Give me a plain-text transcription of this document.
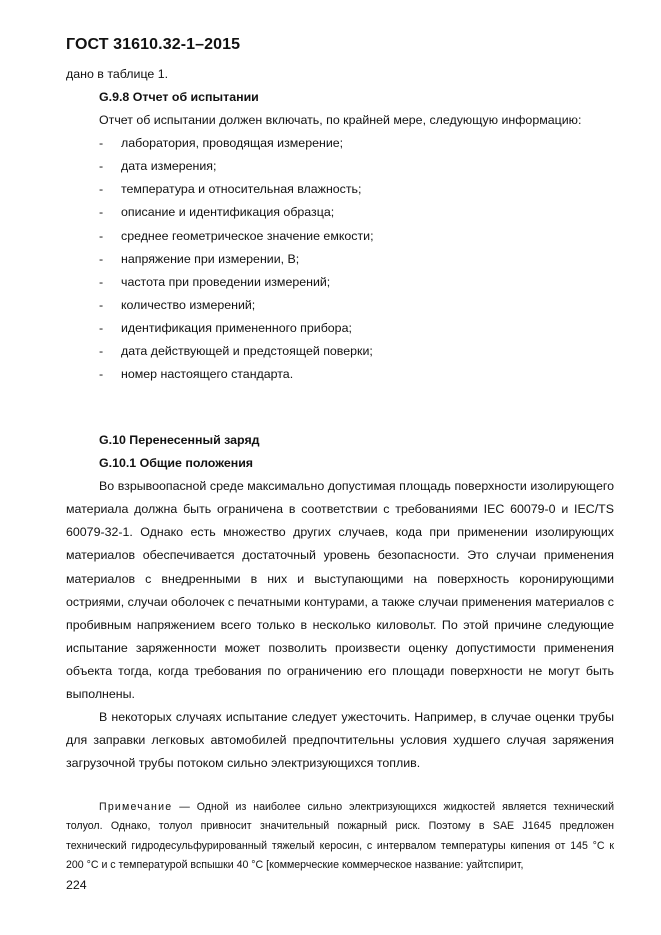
ГОСТ 31610.32-1–2015
дано в таблице 1.
G.9.8 Отчет об испытании
Отчет об испытании должен включать, по крайней мере, следующую информацию:
- лаборатория, проводящая измерение;
- дата измерения;
- температура и относительная влажность;
- описание и идентификация образца;
- среднее геометрическое значение емкости;
- напряжение при измерении, В;
- частота при проведении измерений;
- количество измерений;
- идентификация примененного прибора;
- дата действующей и предстоящей поверки;
- номер настоящего стандарта.
G.10 Перенесенный заряд
G.10.1 Общие положения
Во взрывоопасной среде максимально допустимая площадь поверхности изолирующего материала должна быть ограничена в соответствии с требованиями IEC 60079-0 и IEC/TS 60079-32-1. Однако есть множество других случаев, кода при применении изолирующих материалов обеспечивается достаточный уровень безопасности. Это случаи применения материалов с внедренными в них и выступающими на поверхность коронирующими остриями, случаи оболочек с печатными контурами, а также случаи применения материалов с пробивным напряжением всего только в несколько киловольт. По этой причине следующие испытание заряженности может позволить произвести оценку допустимости применения объекта тогда, когда требования по ограничению его площади поверхности не могут быть выполнены.
В некоторых случаях испытание следует ужесточить. Например, в случае оценки трубы для заправки легковых автомобилей предпочтительны условия худшего случая заряжения загрузочной трубы потоком сильно электризующихся топлив.
Примечание — Одной из наиболее сильно электризующихся жидкостей является технический толуол. Однако, толуол привносит значительный пожарный риск. Поэтому в SAE J1645 предложен технический гидродесульфурированный тяжелый керосин, с интервалом температуры кипения от 145 °C к 200 °C и с температурой вспышки 40 °C [коммерческие коммерческое название: уайтспирит,
224
